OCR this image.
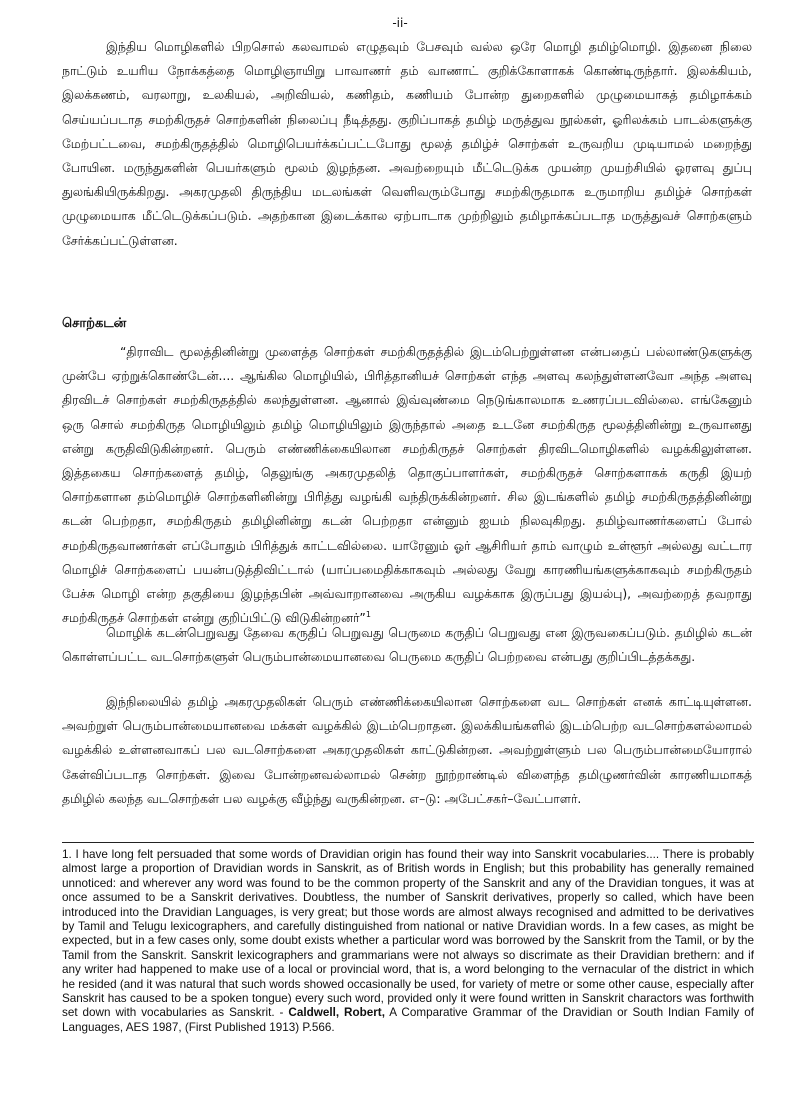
-ii-

இந்திய மொழிகளில் பிறசொல் கலவாமல் எழுதவும் பேசவும் வல்ல ஒரே மொழி தமிழ்மொழி. இதனை நிலை நாட்டும் உயரிய நோக்கத்தை மொழிஞாயிறு பாவாணர் தம் வாணாட் குறிக்கோளாகக் கொண்டிருந்தார். இலக்கியம், இலக்கணம், வரலாறு, உலகியல், அறிவியல், கணிதம், கணியம் போன்ற துறைகளில் முழுமையாகத் தமிழாக்கம் செய்யப்படாத சமற்கிருதச் சொற்களின் நிலைப்பு நீடித்தது. குறிப்பாகத் தமிழ் மருத்துவ நூல்கள், ஓரிலக்கம் பாடல்களுக்கு மேற்பட்டவை, சமற்கிருதத்தில் மொழிபெயர்க்கப்பட்டபோது மூலத் தமிழ்ச் சொற்கள் உருவறிய முடியாமல் மறைந்து போயின. மருந்துகளின் பெயர்களும் மூலம் இழந்தன. அவற்றையும் மீட்டெடுக்க முயன்ற முயற்சியில் ஓரளவு துப்பு துலங்கியிருக்கிறது. அகரமுதலி திருந்திய மடலங்கள் வெளிவரும்போது சமற்கிருதமாக உருமாறிய தமிழ்ச் சொற்கள் முழுமையாக மீட்டெடுக்கப்படும். அதற்கான இடைக்கால ஏற்பாடாக முற்றிலும் தமிழாக்கப்படாத மருத்துவச் சொற்களும் சேர்க்கப்பட்டுள்ளன.

சொற்கடன்

“திராவிட மூலத்தினின்று முளைத்த சொற்கள் சமற்கிருதத்தில் இடம்பெற்றுள்ளன என்பதைப் பல்லாண்டுகளுக்கு முன்பே ஏற்றுக்கொண்டேன்.... ஆங்கில மொழியில், பிரித்தானியச் சொற்கள் எந்த அளவு கலந்துள்ளனவோ அந்த அளவு திரவிடச் சொற்கள் சமற்கிருதத்தில் கலந்துள்ளன. ஆனால் இவ்வுண்மை நெடுங்காலமாக உணரப்படவில்லை. எங்கேனும் ஒரு சொல் சமற்கிருத மொழியிலும் தமிழ் மொழியிலும் இருந்தால் அதை உடனே சமற்கிருத மூலத்தினின்று உருவானது என்று கருதிவிடுகின்றனர். பெரும் எண்ணிக்கையிலான சமற்கிருதச் சொற்கள் திரவிடமொழிகளில் வழக்கிலுள்ளன. இத்தகைய சொற்களைத் தமிழ், தெலுங்கு அகரமுதலித் தொகுப்பாளர்கள், சமற்கிருதச் சொற்களாகக் கருதி இயற் சொற்களான தம்மொழிச் சொற்களினின்று பிரித்து வழங்கி வந்திருக்கின்றனர். சில இடங்களில் தமிழ் சமற்கிருதத்தினின்று கடன் பெற்றதா, சமற்கிருதம் தமிழினின்று கடன் பெற்றதா என்னும் ஐயம் நிலவுகிறது. தமிழ்வாணர்களைப் போல் சமற்கிருதவாணர்கள் எப்போதும் பிரித்துக் காட்டவில்லை. யாரேனும் ஓர் ஆசிரியர் தாம் வாழும் உள்ளூர் அல்லது வட்டார மொழிச் சொற்களைப் பயன்படுத்திவிட்டால் (யாப்பமைதிக்காகவும் அல்லது வேறு காரணியங்களுக்காகவும் சமற்கிருதம் பேச்சு மொழி என்ற தகுதியை இழந்தபின் அவ்வாறானவை அருகிய வழக்காக இருப்பது இயல்பு), அவற்றைத் தவறாது சமற்கிருதச் சொற்கள் என்று குறிப்பிட்டு விடுகின்றனர்”$^1$

மொழிக் கடன்பெறுவது தேவை கருதிப் பெறுவது பெருமை கருதிப் பெறுவது என இருவகைப்படும். தமிழில் கடன் கொள்ளப்பட்ட வடசொற்களுள் பெரும்பான்மையானவை பெருமை கருதிப் பெற்றவை என்பது குறிப்பிடத்தக்கது.

இந்நிலையில் தமிழ் அகரமுதலிகள் பெரும் எண்ணிக்கையிலான சொற்களை வட சொற்கள் எனக் காட்டியுள்ளன. அவற்றுள் பெரும்பான்மையானவை மக்கள் வழக்கில் இடம்பெறாதன. இலக்கியங்களில் இடம்பெற்ற வடசொற்களல்லாமல் வழக்கில் உள்ளனவாகப் பல வடசொற்களை அகரமுதலிகள் காட்டுகின்றன. அவற்றுள்ளும் பல பெரும்பான்மையோரால் கேள்விப்படாத சொற்கள். இவை போன்றனவல்லாமல் சென்ற நூற்றாண்டில் விளைந்த தமிழுணர்வின் காரணியமாகத் தமிழில் கலந்த வடசொற்கள் பல வழக்கு வீழ்ந்து வருகின்றன. எ–டு: அபேட்சகர்–வேட்பாளர்.

1. I have long felt persuaded that some words of Dravidian origin has found their way into Sanskrit vocabularies.... There is probably almost large a proportion of Dravidian words in Sanskrit, as of British words in English; but this probability has generally remained unnoticed: and wherever any word was found to be the common property of the Sanskrit and any of the Dravidian tongues, it was at once assumed to be a Sanskrit derivatives. Doubtless, the number of Sanskrit derivatives, properly so called, which have been introduced into the Dravidian Languages, is very great; but those words are almost always recognised and admitted to be derivatives by Tamil and Telugu lexicographers, and carefully distinguished from national or native Dravidian words. In a few cases, as might be expected, but in a few cases only, some doubt exists whether a particular word was borrowed by the Sanskrit from the Tamil, or by the Tamil from the Sanskrit. Sanskrit lexicographers and grammarians were not always so discrimate as their Dravidian brethern: and if any writer had happened to make use of a local or provincial word, that is, a word belonging to the vernacular of the district in which he resided (and it was natural that such words showed occasionally be used, for variety of metre or some other cause, especially after Sanskrit has caused to be a spoken tongue) every such word, provided only it were found written in Sanskrit charactors was forthwith set down with vocabularies as Sanskrit. - Caldwell, Robert, A Comparative Grammar of the Dravidian or South Indian Family of Languages, AES 1987, (First Published 1913) P.566.
